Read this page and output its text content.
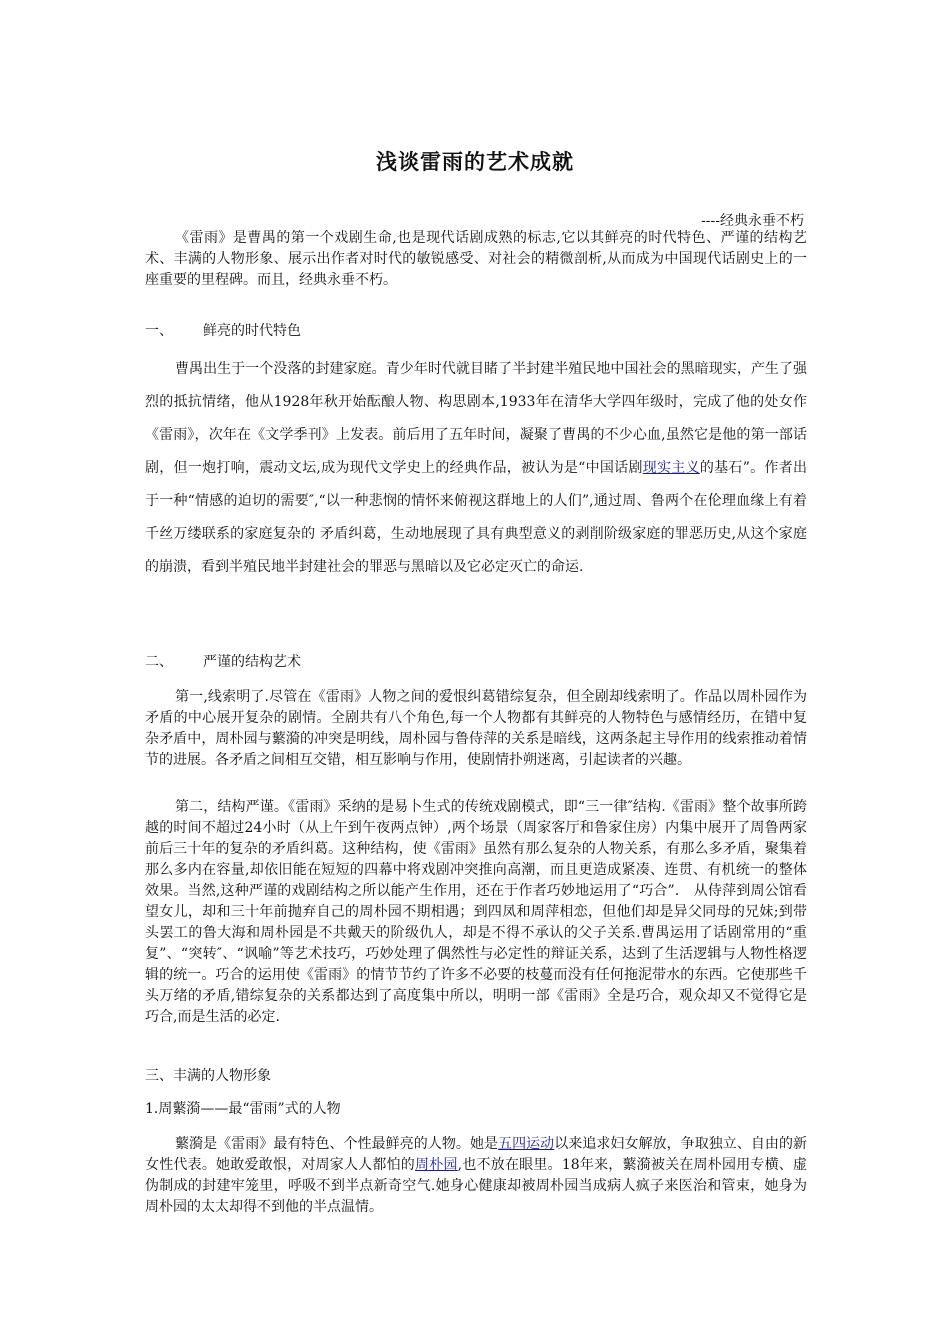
浅谈雷雨的艺术成就
----经典永垂不朽

《雷雨》是曹禺的第一个戏剧生命,也是现代话剧成熟的标志,它以其鲜亮的时代特色、严谨的结构艺术、丰满的人物形象、展示出作者对时代的敏锐感受、对社会的精微剖析,从而成为中国现代话剧史上的一座重要的里程碑。而且，经典永垂不朽。

一、 鲜亮的时代特色

曹禺出生于一个没落的封建家庭。青少年时代就目睹了半封建半殖民地中国社会的黑暗现实，产生了强烈的抵抗情绪，他从1928年秋开始酝酿人物、构思剧本,1933年在清华大学四年级时，完成了他的处女作《雷雨》，次年在《文学季刊》上发表。前后用了五年时间，凝聚了曹禺的不少心血,虽然它是他的第一部话剧，但一炮打响，震动文坛,成为现代文学史上的经典作品，被认为是“中国话剧现实主义的基石”。作者出于一种“情感的迫切的需要″,“以一种悲悯的情怀来俯视这群地上的人们”,通过周、鲁两个在伦理血缘上有着千丝万缕联系的家庭复杂的 矛盾纠葛，生动地展现了具有典型意义的剥削阶级家庭的罪恶历史,从这个家庭的崩溃，看到半殖民地半封建社会的罪恶与黑暗以及它必定灭亡的命运.

二、 严谨的结构艺术

第一,线索明了.尽管在《雷雨》人物之间的爱恨纠葛错综复杂，但全剧却线索明了。作品以周朴园作为矛盾的中心展开复杂的剧情。全剧共有八个角色,每一个人物都有其鲜亮的人物特色与感情经历，在错中复杂矛盾中，周朴园与蘩漪的冲突是明线，周朴园与鲁侍萍的关系是暗线，这两条起主导作用的线索推动着情节的进展。各矛盾之间相互交错，相互影响与作用，使剧情扑朔迷离，引起读者的兴趣。

第二，结构严谨。《雷雨》采纳的是易卜生式的传统戏剧模式，即“三一律″结构.《雷雨》整个故事所跨越的时间不超过24小时（从上午到午夜两点钟）,两个场景（周家客厅和鲁家住房）内集中展开了周鲁两家前后三十年的复杂的矛盾纠葛。这种结构，使《雷雨》虽然有那么复杂的人物关系，有那么多矛盾，聚集着那么多内在容量,却依旧能在短短的四幕中将戏剧冲突推向高潮，而且更造成紧凑、连贯、有机统一的整体效果。当然,这种严谨的戏剧结构之所以能产生作用，还在于作者巧妙地运用了“巧合”． 从侍萍到周公馆看望女儿，却和三十年前抛弃自己的周朴园不期相遇；到四凤和周萍相恋，但他们却是异父同母的兄妹;到带头罢工的鲁大海和周朴园是不共戴天的阶级仇人，却是不得不承认的父子关系.曹禺运用了话剧常用的“重复”、“突转″、“讽喻”等艺术技巧，巧妙处理了偶然性与必定性的辩证关系，达到了生活逻辑与人物性格逻辑的统一。巧合的运用使《雷雨》的情节节约了许多不必要的枝蔓而没有任何拖泥带水的东西。它使那些千头万绪的矛盾,错综复杂的关系都达到了高度集中所以，明明一部《雷雨》全是巧合，观众却又不觉得它是巧合,而是生活的必定.

三、丰满的人物形象
1.周蘩漪——最“雷雨”式的人物

蘩漪是《雷雨》最有特色、个性最鲜亮的人物。她是五四运动以来追求妇女解放，争取独立、自由的新女性代表。她敢爱敢恨，对周家人人都怕的周朴园,也不放在眼里。18年来，蘩漪被关在周朴园用专横、虚伪制成的封建牢笼里，呼吸不到半点新奇空气.她身心健康却被周朴园当成病人疯子来医治和管束，她身为周朴园的太太却得不到他的半点温情。
